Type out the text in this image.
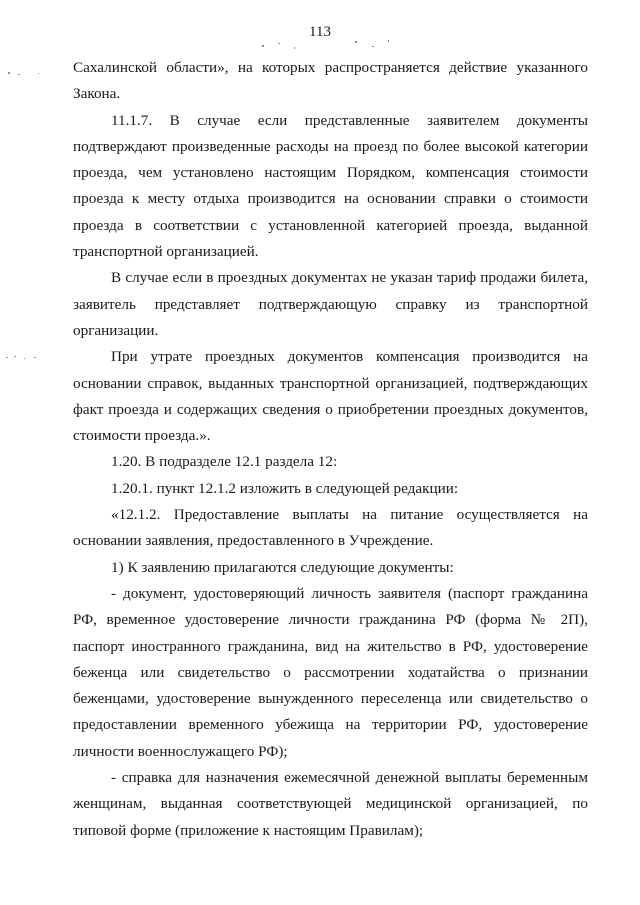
113

Сахалинской области», на которых распространяется действие указанного Закона.

11.1.7. В случае если представленные заявителем документы подтверждают произведенные расходы на проезд по более высокой категории проезда, чем установлено настоящим Порядком, компенсация стоимости проезда к месту отдыха производится на основании справки о стоимости проезда в соответствии с установленной категорией проезда, выданной транспортной организацией.

В случае если в проездных документах не указан тариф продажи билета, заявитель представляет подтверждающую справку из транспортной организации.

При утрате проездных документов компенсация производится на основании справок, выданных транспортной организацией, подтверждающих факт проезда и содержащих сведения о приобретении проездных документов, стоимости проезда.».

1.20. В подразделе 12.1 раздела 12:

1.20.1. пункт 12.1.2 изложить в следующей редакции:

«12.1.2. Предоставление выплаты на питание осуществляется на основании заявления, предоставленного в Учреждение.

1) К заявлению прилагаются следующие документы:

- документ, удостоверяющий личность заявителя (паспорт гражданина РФ, временное удостоверение личности гражданина РФ (форма № 2П), паспорт иностранного гражданина, вид на жительство в РФ, удостоверение беженца или свидетельство о рассмотрении ходатайства о признании беженцами, удостоверение вынужденного переселенца или свидетельство о предоставлении временного убежища на территории РФ, удостоверение личности военнослужащего РФ);

- справка для назначения ежемесячной денежной выплаты беременным женщинам, выданная соответствующей медицинской организацией, по типовой форме (приложение к настоящим Правилам);
